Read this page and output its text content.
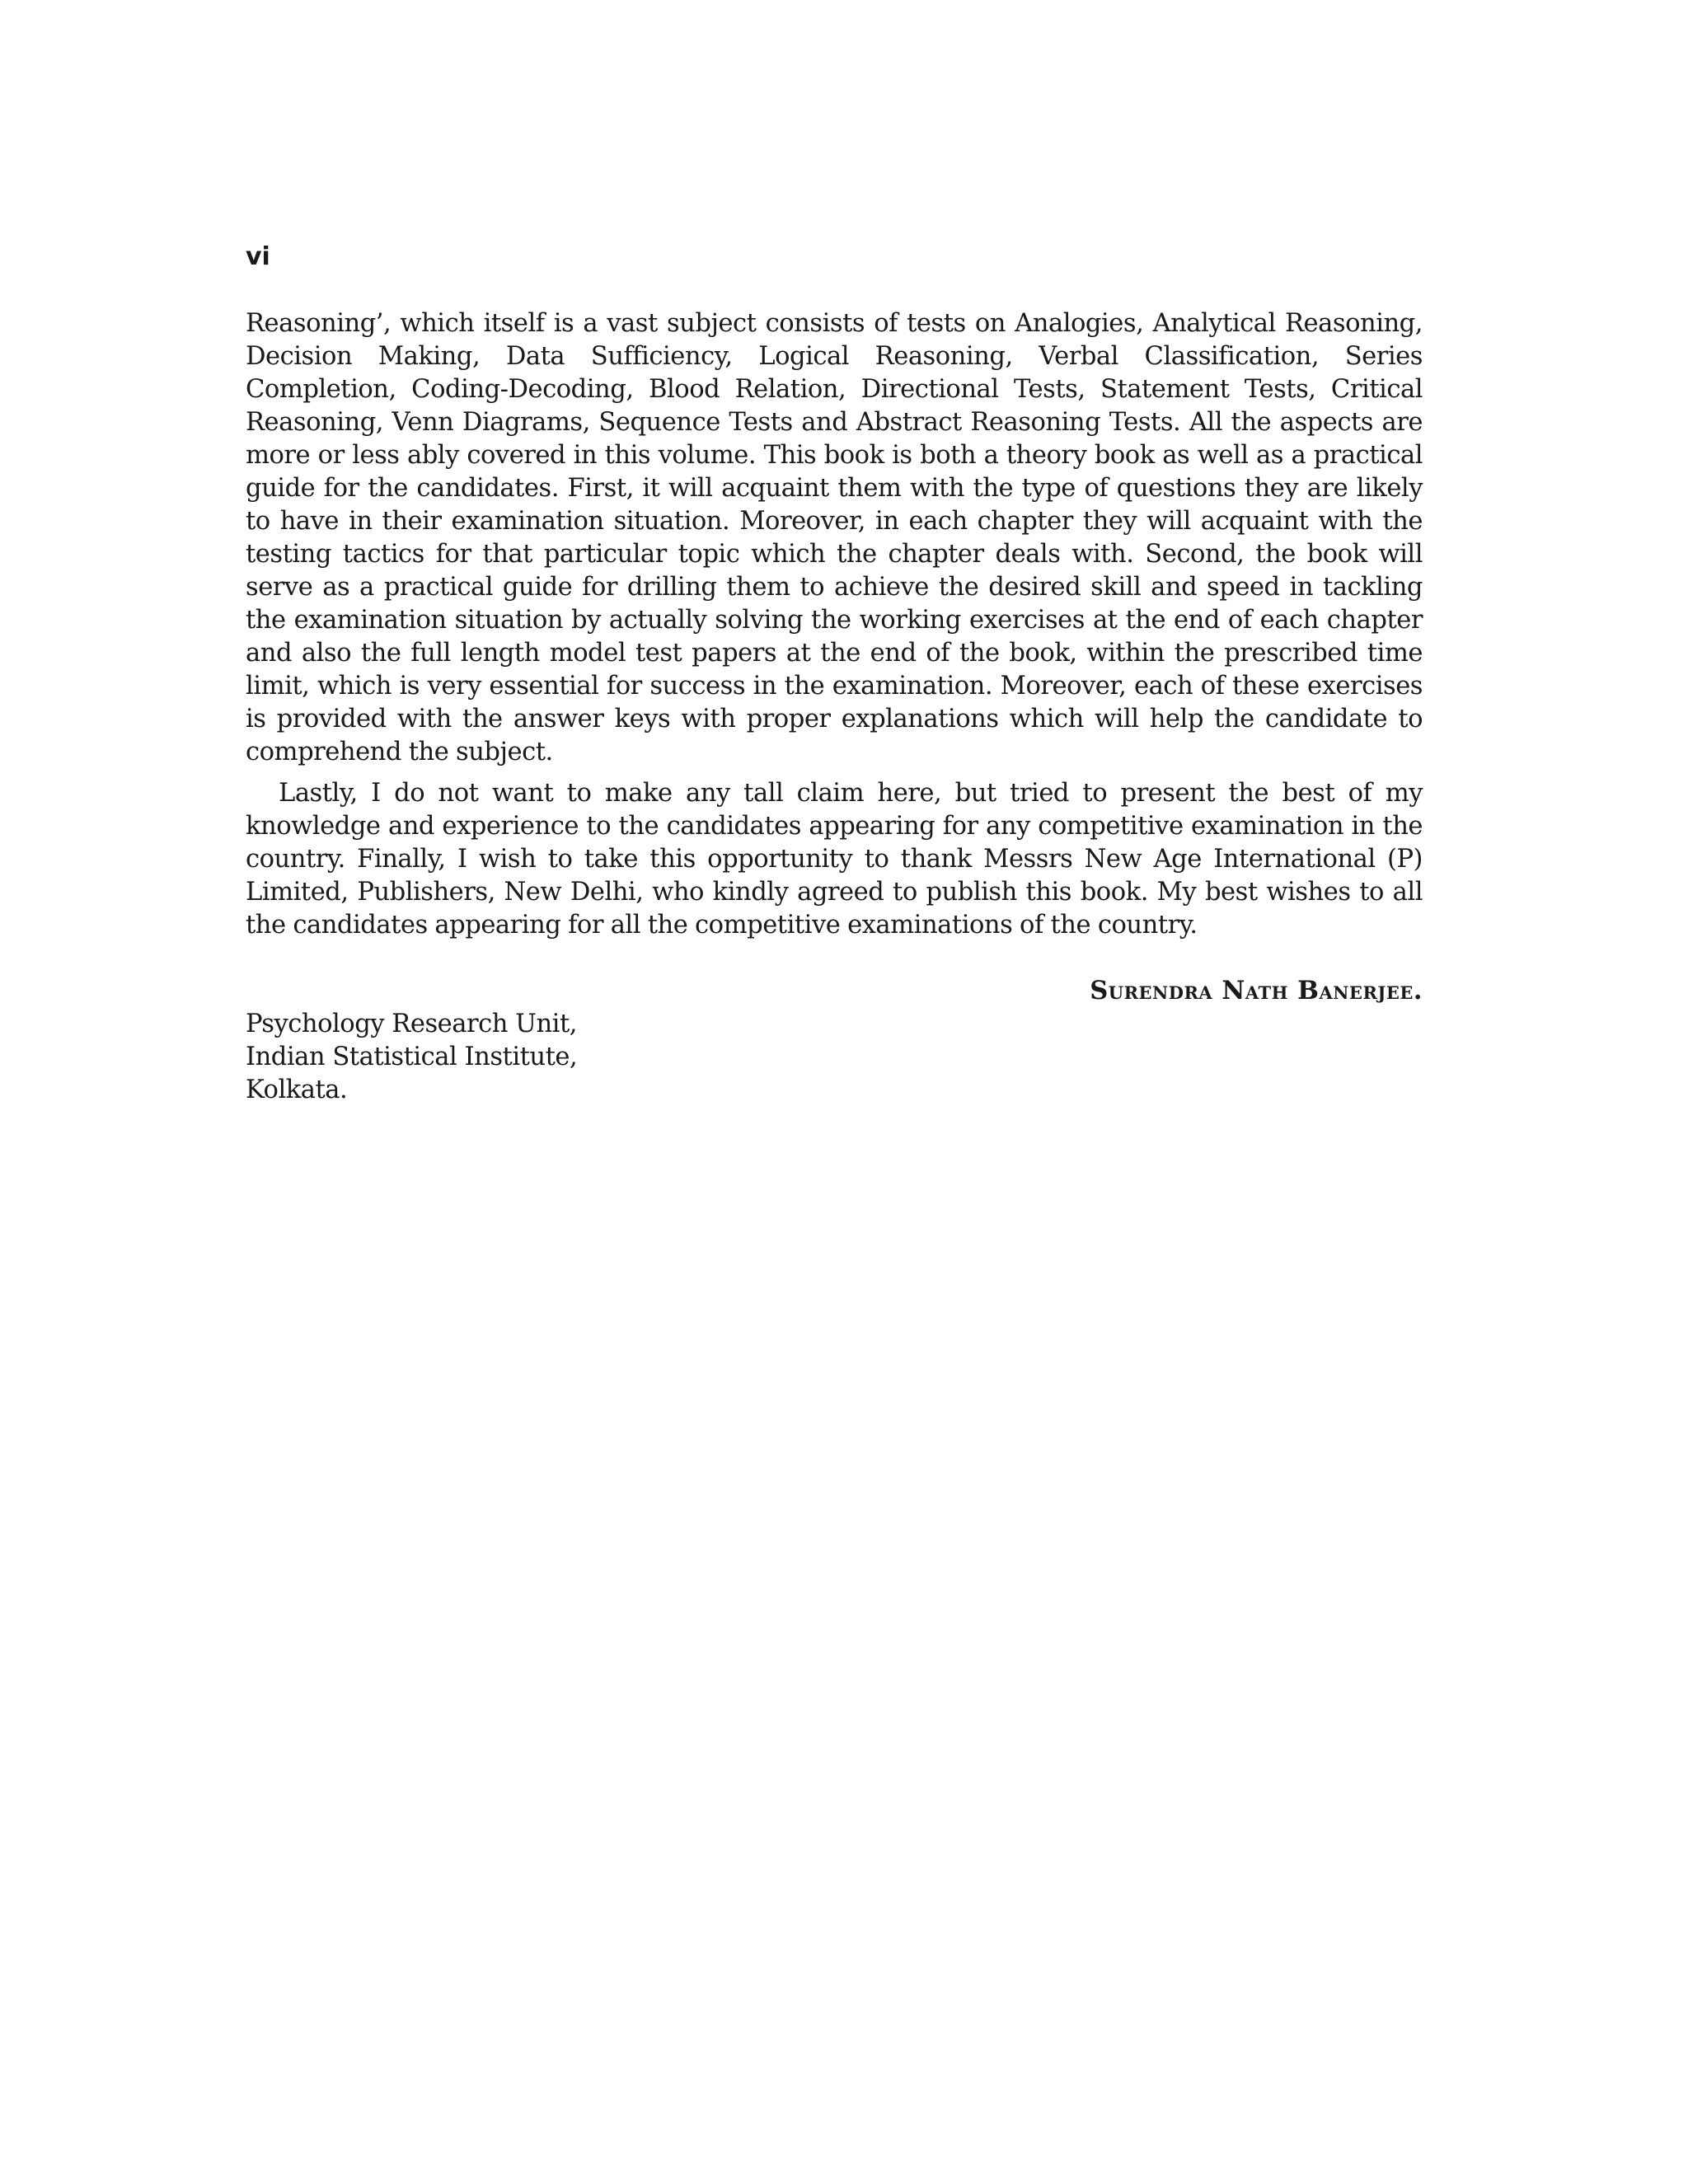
vi

Reasoning’, which itself is a vast subject consists of tests on Analogies, Analytical Reasoning, Decision Making, Data Sufficiency, Logical Reasoning, Verbal Classification, Series Completion, Coding-Decoding, Blood Relation, Directional Tests, Statement Tests, Critical Reasoning, Venn Diagrams, Sequence Tests and Abstract Reasoning Tests. All the aspects are more or less ably covered in this volume. This book is both a theory book as well as a practical guide for the candidates. First, it will acquaint them with the type of questions they are likely to have in their examination situation. Moreover, in each chapter they will acquaint with the testing tactics for that particular topic which the chapter deals with. Second, the book will serve as a practical guide for drilling them to achieve the desired skill and speed in tackling the examination situation by actually solving the working exercises at the end of each chapter and also the full length model test papers at the end of the book, within the prescribed time limit, which is very essential for success in the examination. Moreover, each of these exercises is provided with the answer keys with proper explanations which will help the candidate to comprehend the subject.

Lastly, I do not want to make any tall claim here, but tried to present the best of my knowledge and experience to the candidates appearing for any competitive examination in the country. Finally, I wish to take this opportunity to thank Messrs New Age International (P) Limited, Publishers, New Delhi, who kindly agreed to publish this book. My best wishes to all the candidates appearing for all the competitive examinations of the country.

Surendra Nath Banerjee.
Psychology Research Unit,
Indian Statistical Institute,
Kolkata.
